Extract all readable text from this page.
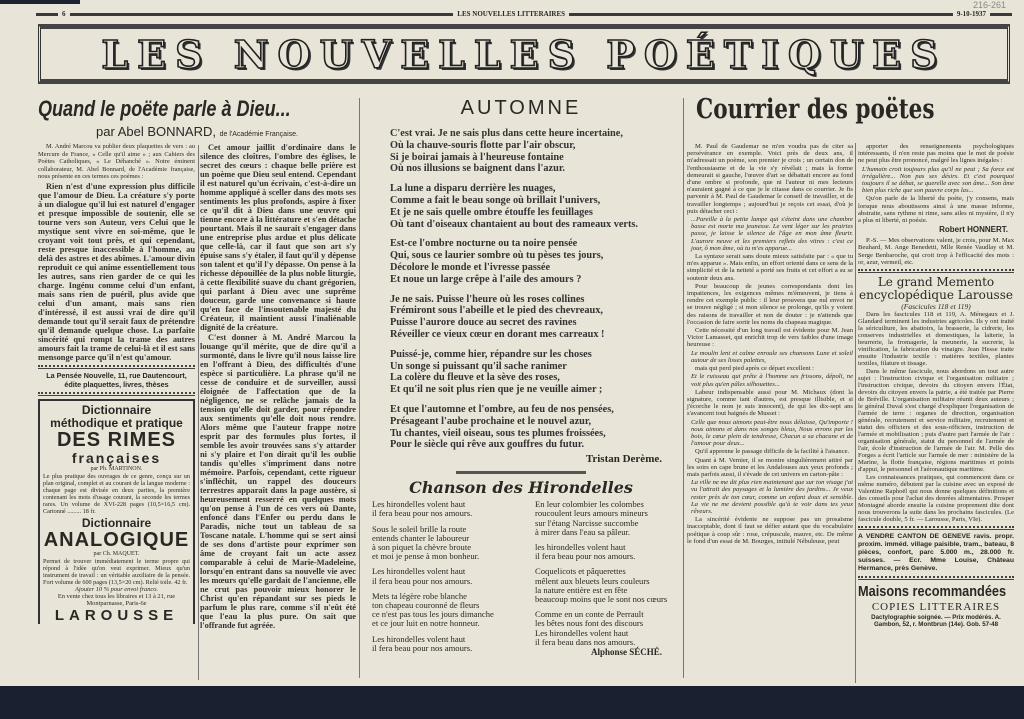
216-261
6	LES NOUVELLES LITTERAIRES	9-10-1937
LES NOUVELLES POÉTIQUES
Quand le poëte parle à Dieu...
par Abel BONNARD, de l'Académie Française.

M. André Marcou va publier deux plaquettes de vers : au Mercure de France, « Celle qu'il aime » ; aux Cahiers des Poètes Catholiques, « Le Déhanché ». Notre éminent collaborateur, M. Abel Bonnard, de l'Académie française, nous présente en ces termes ces poèmes :

Rien n'est d'une expression plus difficile que l'amour de Dieu. La créature s'y porte à un dialogue qu'il lui est naturel d'engager et presque impossible de soutenir, elle se tourne vers son Auteur, vers Celui que le mystique sent vivre en soi-même, que le croyant voit tout près, et qui cependant, reste presque inaccessible à l'homme, au delà des astres et des abîmes. L'amour divin reproduit ce qui anime essentiellement tous les autres, sans rien garder de ce qui les charge. Ingénu comme celui d'un enfant, mais sans rien de puéril, plus avide que celui d'un amant, mais sans rien d'intéressé, il est aussi vrai de dire qu'il demande tout qu'il serait faux de prétendre qu'il demande quelque chose. La parfaite sincérité qui rompt la trame des autres amours fait la trame de celui-là et il est sans mensonge parce qu'il n'est qu'amour.

La Pensée Nouvelle, 11, rue Dautencourt, édite plaquettes, livres, thèses
Dictionnaire
méthodique et pratique
DES RIMES
françaises
par Ph. MARTINON.
Le plus pratique des ouvrages de ce genre, conçu sur un plan original, complet et au courant de la langue moderne : chaque page est divisée en deux parties, la première contenant les mots d'usage courant, la seconde les termes rares. Un volume de XVI-228 pages (10,5×16,5 cm). Cartonné ......... 18 fr.
Dictionnaire
ANALOGIQUE
par Ch. MAQUET.
Permet de trouver immédiatement le terme propre qui répond à l'idée qu'on veut exprimer. Mieux qu'un instrument de travail : un véritable auxiliaire de la pensée. Fort volume de 600 pages (13,5×20 cm). Relié toile. 42 fr.
Ajouter 10 % pour envoi franco.
En vente chez tous les libraires et 13 à 21, rue Montparnasse, Paris-6e
LAROUSSE

Cet amour jaillit d'ordinaire dans le silence des cloîtres, l'ombre des églises, le secret des cœurs : chaque belle prière est un poème que Dieu seul entend. Cependant il est naturel qu'un écrivain, c'est-à-dire un homme appliqué à sceller dans des mots ses sentiments les plus profonds, aspire à fixer ce qu'il dit à Dieu dans une œuvre qui tienne encore à la littérature et s'en détache pourtant. Mais il ne saurait s'engager dans une entreprise plus ardue et plus délicate que celle-là, car il faut que son art s'y épuise sans s'y étaler, il faut qu'il y dépense son talent et qu'il l'y dépasse. On pense à la richesse dépouillée de la plus noble liturgie, à cette flexibilité suave du chant grégorien, qui parlant à Dieu avec une suprême douceur, garde une convenance si haute qu'en face de l'insoutenable majesté du Créateur, il maintient aussi l'inaliénable dignité de la créature.

C'est donner à M. André Marcou la louange qu'il mérite, que de dire qu'il a surmonté, dans le livre qu'il nous laisse lire en l'offrant à Dieu, des difficultés d'une espèce si particulière. La phrase qu'il ne cesse de conduire et de surveiller, aussi éloignée de l'affectation que de la négligence, ne se relâche jamais de la tension qu'elle doit garder, pour répondre aux sentiments qu'elle doit nous rendre. Alors même que l'auteur frappe notre esprit par des formules plus fortes, il semble les avoir trouvées sans s'y attarder ni s'y plaire et l'on dirait qu'il les oublie tandis qu'elles s'impriment dans notre mémoire. Parfois, cependant, cette rigueur s'infléchit, un rappel des douceurs terrestres apparaît dans la page austère, si heureusement resserré en quelques mots qu'on pense à l'un de ces vers où Dante, enfoncé dans l'Enfer ou perdu dans le Paradis, niche tout un tableau de sa Toscane natale. L'homme qui se sert ainsi de ses dons d'artiste pour exprimer son âme de croyant fait un acte assez comparable à celui de Marie-Madeleine, lorsqu'en entrant dans sa nouvelle vie avec les mœurs qu'elle gardait de l'ancienne, elle ne crut pas pouvoir mieux honorer le Christ qu'en répandant sur ses pieds le parfum le plus rare, comme s'il n'eût été que l'eau la plus pure. On sait que l'offrande fut agréée.

AUTOMNE
C'est vrai. Je ne sais plus dans cette heure incertaine,
Où la chauve-souris flotte par l'air obscur,
Si je boirai jamais à l'heureuse fontaine
Où nos illusions se baignent dans l'azur.
La lune a disparu derrière les nuages,
Comme a fait le beau songe où brillait l'univers,
Et je ne sais quelle ombre étouffe les feuillages
Où tant d'oiseaux chantaient au bout des rameaux verts.
Est-ce l'ombre nocturne ou ta noire pensée
Qui, sous ce laurier sombre où tu pèses tes jours,
Décolore le monde et l'ivresse passée
Et noue un large crêpe à l'aile des amours ?
Je ne sais. Puisse l'heure où les roses collines
Frémiront sous l'abeille et le pied des chevreaux,
Puisse l'aurore douce au secret des ravines
Réveiller ce vieux cœur en dorant mes carreaux !
Puissé-je, comme hier, répandre sur les choses
Un songe si puissant qu'il sache ranimer
La colère du fleuve et la sève des roses,
Et qu'il ne soit plus rien que je ne veuille aimer ;
Et que l'automne et l'ombre, au feu de nos pensées,
Présageant l'aube prochaine et le nouvel azur,
Tu chantes, vieil oiseau, sous tes plumes froissées,
Pour le siècle qui rêve aux gouffres du futur.
Tristan Derème.
Chanson des Hirondelles
Les hirondelles volent haut
il fera beau pour nos amours.
Sous le soleil brille la route
entends chanter le laboureur
à son piquet la chèvre broute
et moi je pense à mon bonheur.
Les hirondelles volent haut
il fera beau pour nos amours.
Mets ta légère robe blanche
ton chapeau couronné de fleurs
ce n'est pas tous les jours dimanche
et ce jour luit en notre honneur.
Les hirondelles volent haut
il fera beau pour nos amours.
En leur colombier les colombes
roucoulent leurs amours mineurs
sur l'étang Narcisse succombe
à mirer dans l'eau sa pâleur.
les hirondelles volent haut
il fera beau pour nos amours.
Coquelicots et pâquerettes
mêlent aux bleuets leurs couleurs
la nature entière est en fête
beaucoup moins que le sont nos cœurs
Comme en un conte de Perrault
les bêtes nous font des discours
Les hirondelles volent haut
il fera beau dans nos amours.
Alphonse SÉCHÉ.
Courrier des poëtes

M. Paul de Gaudemar ne m'en voudra pas de citer sa persévérance en exemple. Voici près de deux ans, il m'adressait un poème, son premier je crois ; un certain don de l'enthousiasme et de la vie s'y révélait ; mais la forme demeurait si gauche, l'œuvre d'art se débattait encore au fond d'une ombre si profonde, que ni l'auteur ni mes lecteurs n'auraient gagné à ce que je le citasse dans ce courrier. Je fis parvenir à M. Paul de Gaudemar le conseil de travailler, et de travailler longtemps ; aujourd'hui je reçois cet essai, d'où je puis détacher ceci :

...Pareille à la petite lampe qui s'éteint dans une chambre basse est morte ma jeunesse. Le vent léger sur les prairies passe, je laisse le silence de l'âge en mon âme fleurir. L'aurore neuve et les premiers reflets des vitres : c'est ce jour, ô mon âme, où tu m'es apparue...

La syntaxe serait sans doute mieux satisfaite par : « que tu m'es apparue ». Mais enfin, un effort orienté dans ce sens de la simplicité et de la netteté a porté ses fruits et cet effort a su se soutenir deux ans.

Pour beaucoup de jeunes correspondants dont les impatiences, les exigences mêmes m'émeuvent, je tiens à rendre cet exemple public : il leur prouvera que nul envoi ne se trouve négligé ; si mon silence se prolonge, qu'ils y voient des raisons de travailler et non de douter : je n'attends que l'occasion de faire sortir les noms du chapeau magique.

Cette nécessité d'un long travail est évidente pour M. Jean Victor Lamasset, qui enrichit trop de vers faibles d'une image heureuse :

Le moulin lent et calme enroule ses chansons Lune et soleil autour de ses lisses palettes,

mais qui perd pied après ce départ excellent :

Et le ruisseau qui prête à l'homme ses frissons, dépoli, ne voit plus qu'en pâles silhouettes...

Labeur indispensable aussi pour M. Michaux (dont la signature, comme tant d'autres, est presque illisible, et si j'écorche le nom je suis innocent), de qui les dix-sept ans s'avancent tout baignés de Musset :

Celle que nous aimons peut-être nous délaisse, Qu'importe ! nous aimons et dans nos songes bleus, Nous errons par les bois, le cœur plein de tendresse, Chacun a sa chacune et de l'amour pour deux...

Qu'il apprenne le passage difficile de la facilité à l'aisance.

Quant à M. Vernier, il se montre singulièrement attiré par les soirs en cape brune et les Andalouses aux yeux profonds ; mais parfois aussi, il s'évade de cet univers en carton-pâte :

La ville ne me dit plus rien maintenant que sur ton visage j'ai vu l'attrait des paysages et la lumière des jardins... Je veux rester près de ton cœur, comme un enfant doux et sensible. La vie ne me devient possible qu'à te voir dans tes yeux rêveurs.

La sincérité évidente ne suppose pas un prosaïsme inacceptable, dont il faut se défier autant que du vocabulaire poétique à coup sûr : rose, crépuscule, mauve, etc. De même le fond d'un essai de M. Bourges, intitulé Nébuleuse, peut

apporter des renseignements psychologiques intéressants, il n'en reste pas moins que le mot de poésie ne peut plus être prononcé, malgré les lignes inégales :

L'humain croit toujours plus qu'il ne peut ; Sa force est irrégulière... Non pas ses désirs. Et c'est pourquoi toujours il se débat, se querelle avec son âme... Son âme bien plus riche que son pauvre corps las...

Qu'on parle de la liberté du poète, j'y consens, mais lorsque nous aboutissons ainsi à une masse informe, abstraite, sans rythme ni rime, sans ailes ni mystère, il n'y a plus ni liberté, ni poésie.

Robert HONNERT.

P.-S. — Mes observations valent, je crois, pour M. Max Beuhard, M. Ange Benedetti, Mlle Renée Vaudlay et M. Serge Benbaroche, qui croit trop à l'efficacité des mots : or, azur, vermeil, etc.

Le grand Memento
encyclopédique Larousse
(Fascicules 118 et 119)

Dans les fascicules 118 et 119, A. Ménegaux et J. Glandard terminent les industries agricoles. Ils y ont traité la séricuilture, les abattoirs, la brasserie, la cidrerie, les conserves industrielles et domestiques, la laiterie, la beurrerie, la fromagerie, la meunerie, la sucrerie, la vinification, la fabrication du vinaigre. Jean Hesse traite ensuite l'industrie textile : matières textiles, plantes textiles, filature et tissage.

Dans le même fascicule, nous abordons un tout autre sujet : l'instruction civique et l'organisation militaire ; l'instruction civique, devoirs du citoyen envers l'État, devoirs du citoyen envers la patrie, a été traitée par Pierre de Bréville. L'organisation militaire réunit deux auteurs ; le général Duval s'est chargé d'expliquer l'organisation de l'armée de terre : organes de direction, organisation générale, recrutement et service militaire, recrutement et statut des officiers et des sous-officiers, instruction de l'armée et mobilisation ; puis d'autre part l'armée de l'air : organisation générale, statut du personnel de l'armée de l'air, école d'instruction de l'armée de l'air. M. Pelle des Forges a écrit l'article sur l'armée de mer : ministère de la Marine, la flotte française, régions maritimes et points d'appui, le personnel et l'aéronautique maritime.

Les connaissances pratiques, qui commencent dans ce même numéro, débutent par la cuisine avec un exposé de Valentine Raphoël qui nous donne quelques définitions et des conseils pour l'achat des denrées alimentaires. Prosper Montagné aborde ensuite la cuisine proprement dite dont nous trouverons la suite dans les prochains fascicules. (Le fascicule double, 5 fr. — Larousse, Paris, VIe).

A VENDRE CANTON DE GENEVE ravis. propr. proxim. imméd. village paisible, tram., bateau, 8 pièces, confort, parc 5.000 m., 28.000 fr. suisses. — Ecr. Mme Louise, Château Hermance, près Genève.
Maisons recommandées
COPIES LITTERAIRES
Dactylographie soignée. — Prix modérés. A. Gambon, 52, r. Montbrun (14e). Gob. 57-48
